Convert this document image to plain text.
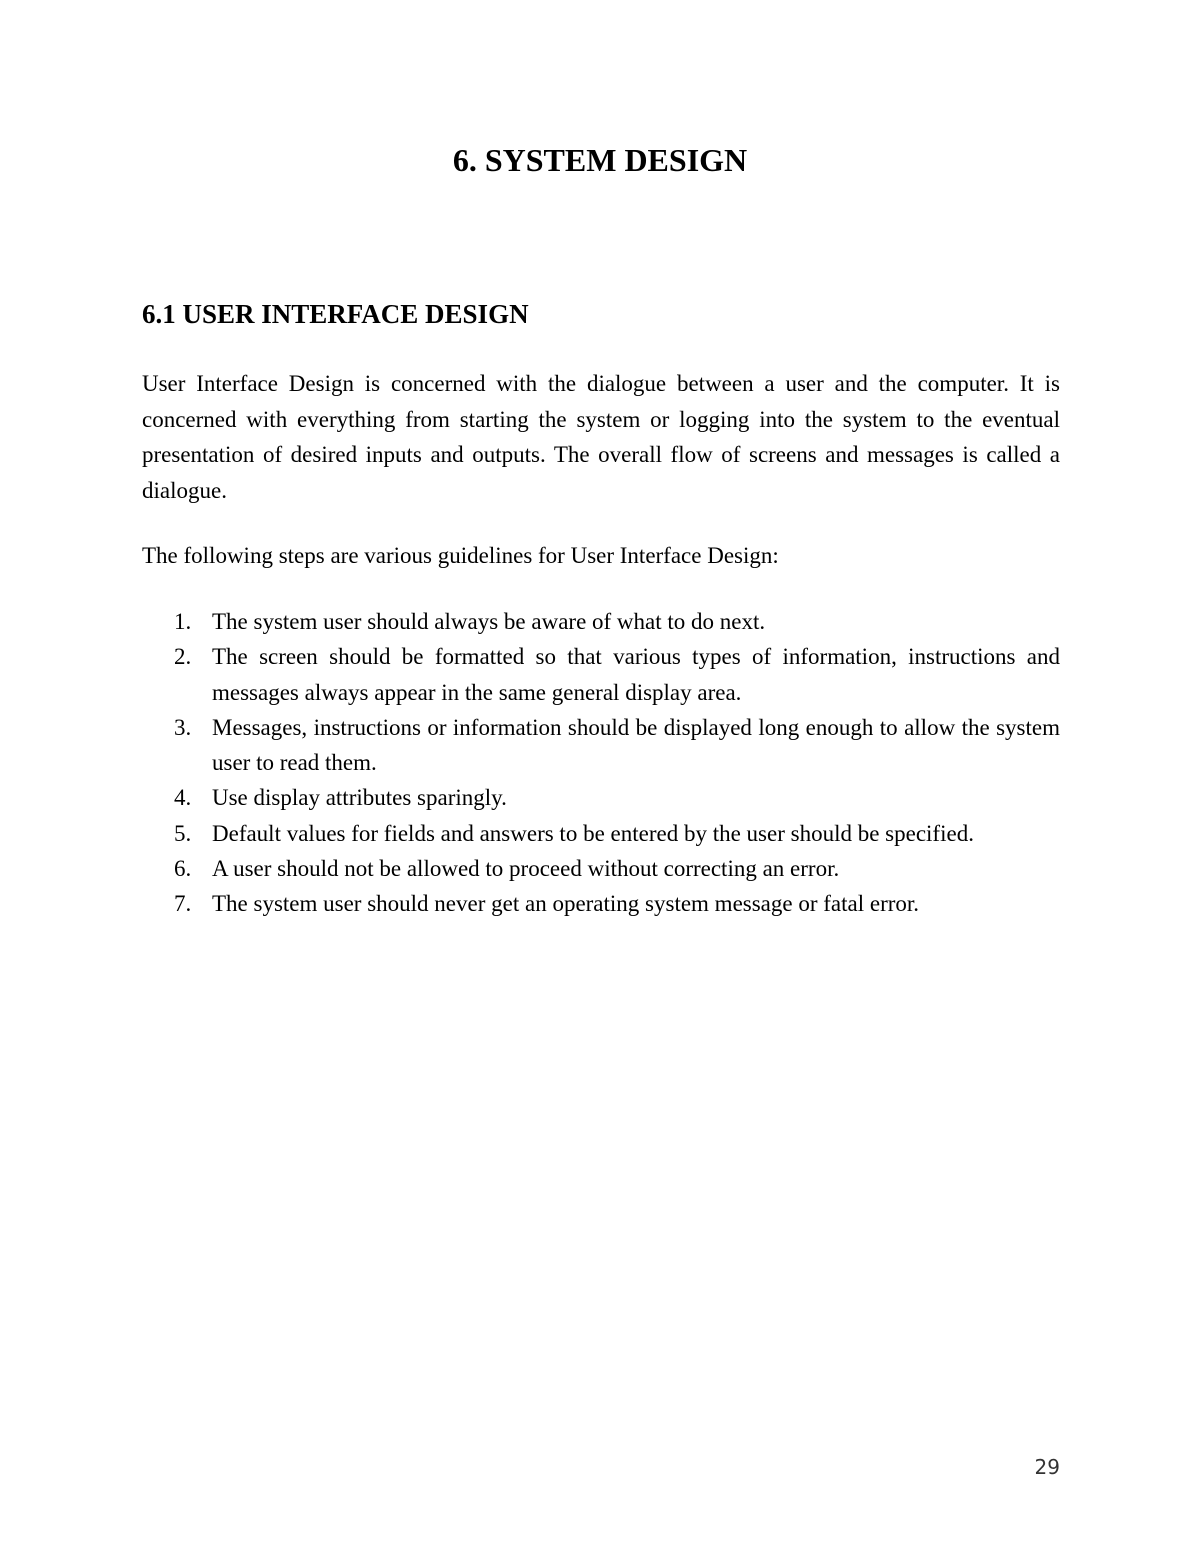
6. SYSTEM DESIGN
6.1 USER INTERFACE DESIGN

User Interface Design is concerned with the dialogue between a user and the computer. It is concerned with everything from starting the system or logging into the system to the eventual presentation of desired inputs and outputs. The overall flow of screens and messages is called a dialogue.

The following steps are various guidelines for User Interface Design:

1. The system user should always be aware of what to do next.
2. The screen should be formatted so that various types of information, instructions and messages always appear in the same general display area.
3. Messages, instructions or information should be displayed long enough to allow the system user to read them.
4. Use display attributes sparingly.
5. Default values for fields and answers to be entered by the user should be specified.
6. A user should not be allowed to proceed without correcting an error.
7. The system user should never get an operating system message or fatal error.
29
